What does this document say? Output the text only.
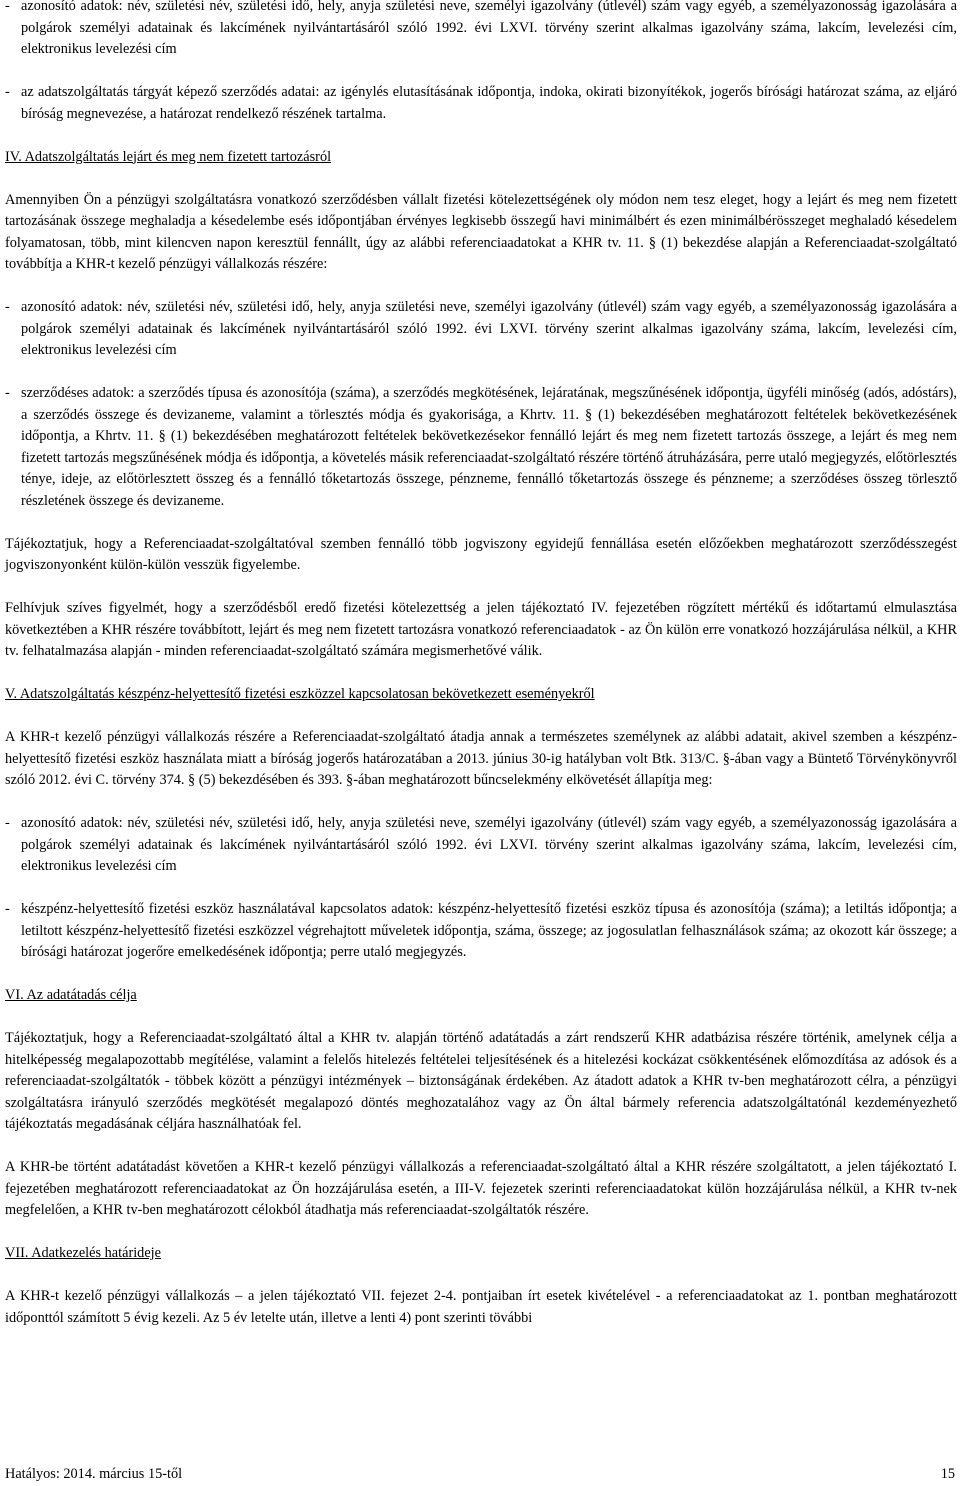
- azonosító adatok: név, születési név, születési idő, hely, anyja születési neve, személyi igazolvány (útlevél) szám vagy egyéb, a személyazonosság igazolására a polgárok személyi adatainak és lakcímének nyilvántartásáról szóló 1992. évi LXVI. törvény szerint alkalmas igazolvány száma, lakcím, levelezési cím, elektronikus levelezési cím
- az adatszolgáltatás tárgyát képező szerződés adatai: az igénylés elutasításának időpontja, indoka, okirati bizonyítékok, jogerős bírósági határozat száma, az eljáró bíróság megnevezése, a határozat rendelkező részének tartalma.
IV. Adatszolgáltatás lejárt és meg nem fizetett tartozásról

Amennyiben Ön a pénzügyi szolgáltatásra vonatkozó szerződésben vállalt fizetési kötelezettségének oly módon nem tesz eleget, hogy a lejárt és meg nem fizetett tartozásának összege meghaladja a késedelembe esés időpontjában érvényes legkisebb összegű havi minimálbért és ezen minimálbérösszeget meghaladó késedelem folyamatosan, több, mint kilencven napon keresztül fennállt, úgy az alábbi referenciaadatokat a KHR tv. 11. § (1) bekezdése alapján a Referenciaadat-szolgáltató továbbítja a KHR-t kezelő pénzügyi vállalkozás részére:

- azonosító adatok: név, születési név, születési idő, hely, anyja születési neve, személyi igazolvány (útlevél) szám vagy egyéb, a személyazonosság igazolására a polgárok személyi adatainak és lakcímének nyilvántartásáról szóló 1992. évi LXVI. törvény szerint alkalmas igazolvány száma, lakcím, levelezési cím, elektronikus levelezési cím
- szerződéses adatok: a szerződés típusa és azonosítója (száma), a szerződés megkötésének, lejáratának, megszűnésének időpontja, ügyféli minőség (adós, adóstárs), a szerződés összege és devizaneme, valamint a törlesztés módja és gyakorisága, a Khrtv. 11. § (1) bekezdésében meghatározott feltételek bekövetkezésének időpontja, a Khrtv. 11. § (1) bekezdésében meghatározott feltételek bekövetkezésekor fennálló lejárt és meg nem fizetett tartozás összege, a lejárt és meg nem fizetett tartozás megszűnésének módja és időpontja, a követelés másik referenciaadat-szolgáltató részére történő átruházására, perre utaló megjegyzés, előtörlesztés ténye, ideje, az előtörlesztett összeg és a fennálló tőketartozás összege, pénzneme, fennálló tőketartozás összege és pénzneme; a szerződéses összeg törlesztő részletének összege és devizaneme.

Tájékoztatjuk, hogy a Referenciaadat-szolgáltatóval szemben fennálló több jogviszony egyidejű fennállása esetén előzőekben meghatározott szerződésszegést jogviszonyonként külön-külön vesszük figyelembe.

Felhívjuk szíves figyelmét, hogy a szerződésből eredő fizetési kötelezettség a jelen tájékoztató IV. fejezetében rögzített mértékű és időtartamú elmulasztása következtében a KHR részére továbbított, lejárt és meg nem fizetett tartozásra vonatkozó referenciaadatok - az Ön külön erre vonatkozó hozzájárulása nélkül, a KHR tv. felhatalmazása alapján - minden referenciaadat-szolgáltató számára megismerhetővé válik.

V. Adatszolgáltatás készpénz-helyettesítő fizetési eszközzel kapcsolatosan bekövetkezett eseményekről

A KHR-t kezelő pénzügyi vállalkozás részére a Referenciaadat-szolgáltató átadja annak a természetes személynek az alábbi adatait, akivel szemben a készpénz-helyettesítő fizetési eszköz használata miatt a bíróság jogerős határozatában a 2013. június 30-ig hatályban volt Btk. 313/C. §-ában vagy a Büntető Törvénykönyvről szóló 2012. évi C. törvény 374. § (5) bekezdésében és 393. §-ában meghatározott bűncselekmény elkövetését állapítja meg:

- azonosító adatok: név, születési név, születési idő, hely, anyja születési neve, személyi igazolvány (útlevél) szám vagy egyéb, a személyazonosság igazolására a polgárok személyi adatainak és lakcímének nyilvántartásáról szóló 1992. évi LXVI. törvény szerint alkalmas igazolvány száma, lakcím, levelezési cím, elektronikus levelezési cím
- készpénz-helyettesítő fizetési eszköz használatával kapcsolatos adatok: készpénz-helyettesítő fizetési eszköz típusa és azonosítója (száma); a letiltás időpontja; a letiltott készpénz-helyettesítő fizetési eszközzel végrehajtott műveletek időpontja, száma, összege; az jogosulatlan felhasználások száma; az okozott kár összege; a bírósági határozat jogerőre emelkedésének időpontja; perre utaló megjegyzés.
VI. Az adatátadás célja

Tájékoztatjuk, hogy a Referenciaadat-szolgáltató által a KHR tv. alapján történő adatátadás a zárt rendszerű KHR adatbázisa részére történik, amelynek célja a hitelképesség megalapozottabb megítélése, valamint a felelős hitelezés feltételei teljesítésének és a hitelezési kockázat csökkentésének előmozdítása az adósok és a referenciaadat-szolgáltatók - többek között a pénzügyi intézmények – biztonságának érdekében. Az átadott adatok a KHR tv-ben meghatározott célra, a pénzügyi szolgáltatásra irányuló szerződés megkötését megalapozó döntés meghozatalához vagy az Ön által bármely referencia adatszolgáltatónál kezdeményezhető tájékoztatás megadásának céljára használhatóak fel.

A KHR-be történt adatátadást követően a KHR-t kezelő pénzügyi vállalkozás a referenciaadat-szolgáltató által a KHR részére szolgáltatott, a jelen tájékoztató I. fejezetében meghatározott referenciaadatokat az Ön hozzájárulása esetén, a III-V. fejezetek szerinti referenciaadatokat külön hozzájárulása nélkül, a KHR tv-nek megfelelően, a KHR tv-ben meghatározott célokból átadhatja más referenciaadat-szolgáltatók részére.

VII. Adatkezelés határideje

A KHR-t kezelő pénzügyi vállalkozás – a jelen tájékoztató VII. fejezet 2-4. pontjaiban írt esetek kivételével - a referenciaadatokat az 1. pontban meghatározott időponttól számított 5 évig kezeli. Az 5 év letelte után, illetve a lenti 4) pont szerinti tövábbi

Hatályos: 2014. március 15-től	15
